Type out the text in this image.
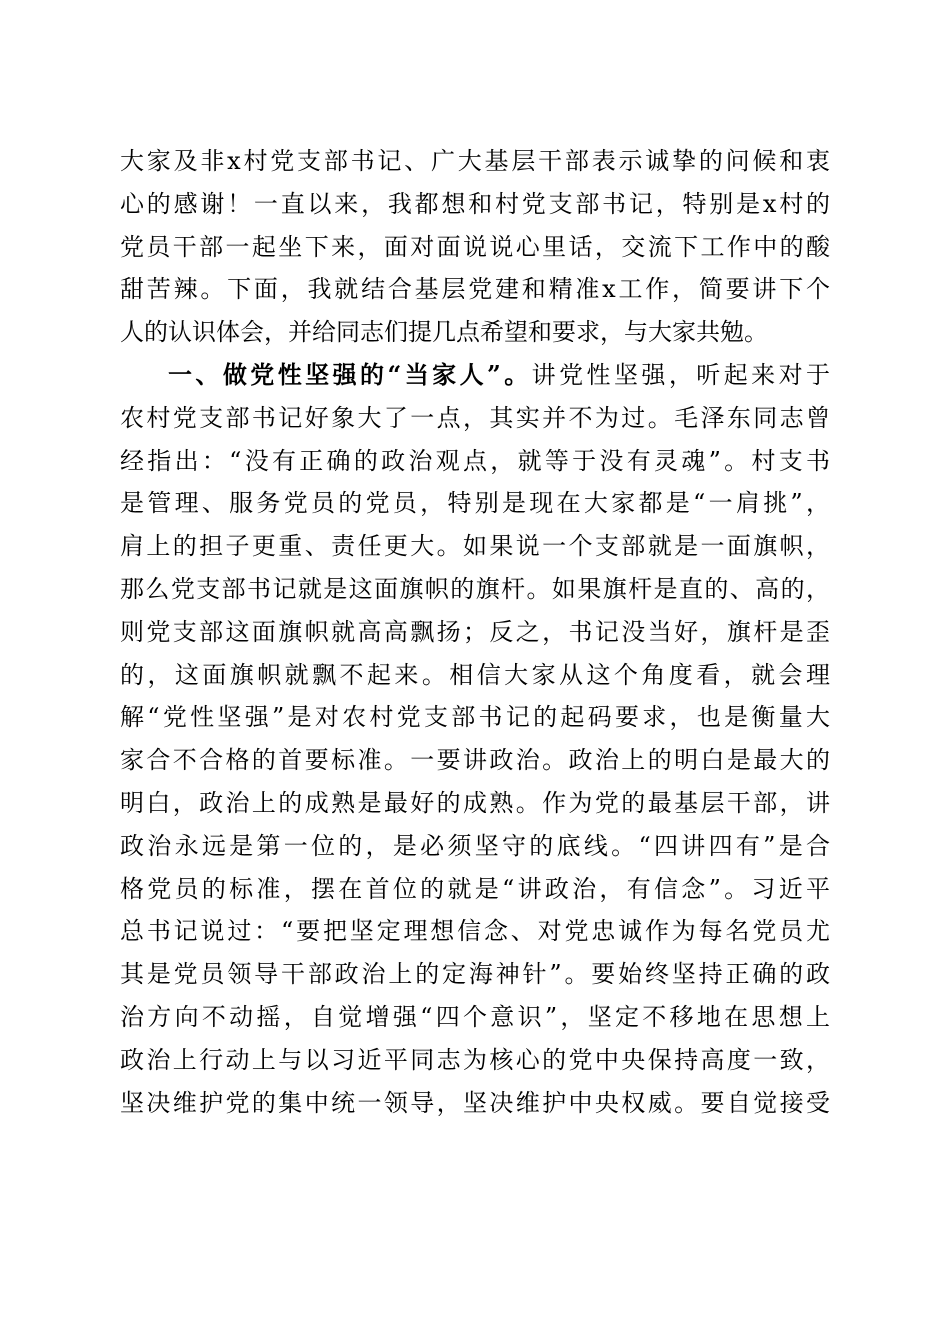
大家及非x村党支部书记、广大基层干部表示诚挚的问候和衷
心的感谢！一直以来，我都想和村党支部书记，特别是x村的
党员干部一起坐下来，面对面说说心里话，交流下工作中的酸
甜苦辣。下面，我就结合基层党建和精准x工作，简要讲下个
人的认识体会，并给同志们提几点希望和要求，与大家共勉。
一、做党性坚强的“当家人”。讲党性坚强，听起来对于
农村党支部书记好象大了一点，其实并不为过。毛泽东同志曾
经指出：“没有正确的政治观点，就等于没有灵魂”。村支书
是管理、服务党员的党员，特别是现在大家都是“一肩挑”，
肩上的担子更重、责任更大。如果说一个支部就是一面旗帜，
那么党支部书记就是这面旗帜的旗杆。如果旗杆是直的、高的，
则党支部这面旗帜就高高飘扬；反之，书记没当好，旗杆是歪
的，这面旗帜就飘不起来。相信大家从这个角度看，就会理
解“党性坚强”是对农村党支部书记的起码要求，也是衡量大
家合不合格的首要标准。一要讲政治。政治上的明白是最大的
明白，政治上的成熟是最好的成熟。作为党的最基层干部，讲
政治永远是第一位的，是必须坚守的底线。“四讲四有”是合
格党员的标准，摆在首位的就是“讲政治，有信念”。习近平
总书记说过：“要把坚定理想信念、对党忠诚作为每名党员尤
其是党员领导干部政治上的定海神针”。要始终坚持正确的政
治方向不动摇，自觉增强“四个意识”，坚定不移地在思想上
政治上行动上与以习近平同志为核心的党中央保持高度一致，
坚决维护党的集中统一领导，坚决维护中央权威。要自觉接受
